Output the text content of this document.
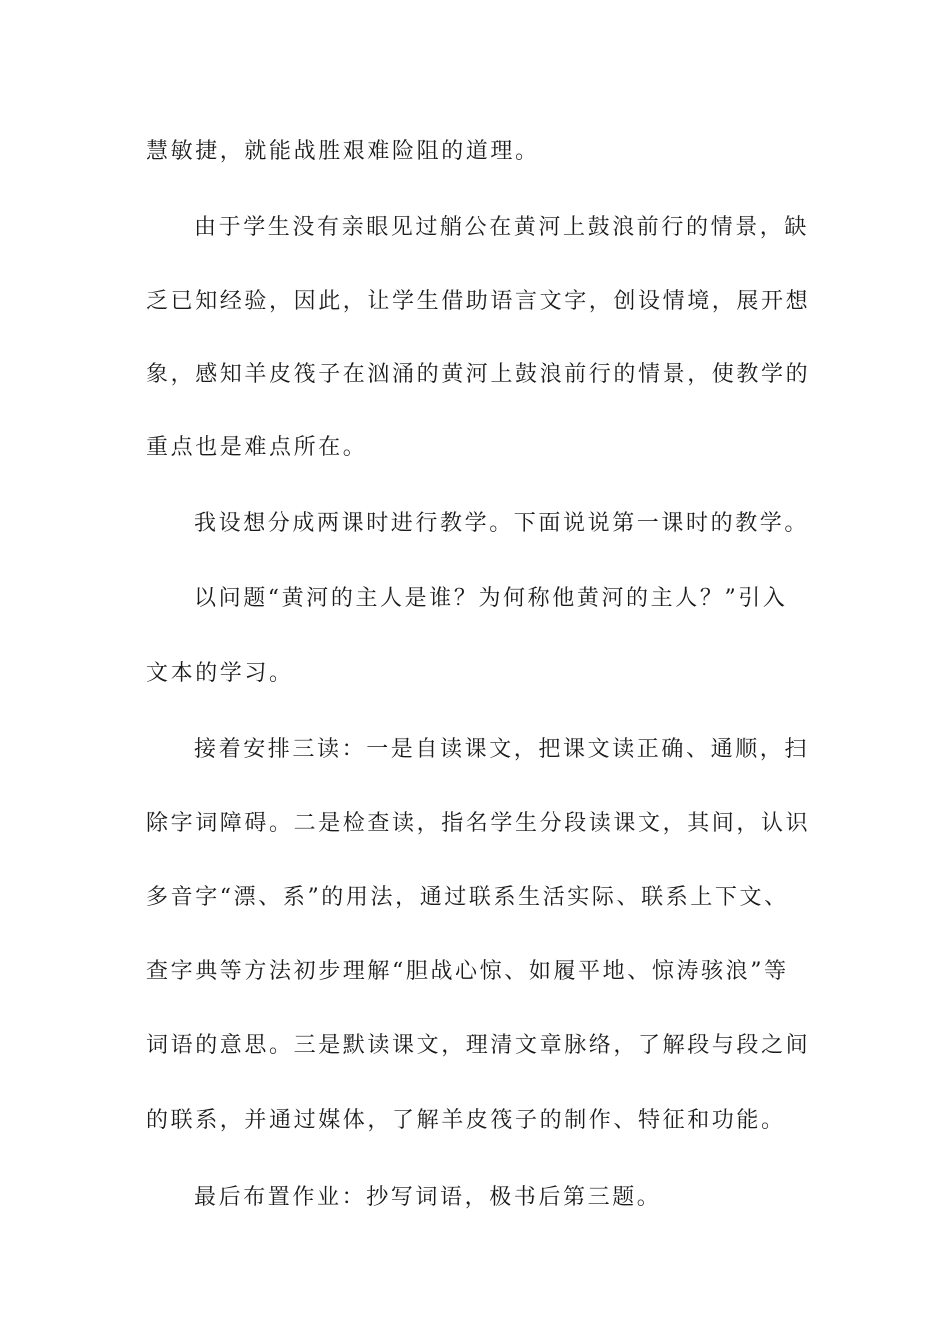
慧敏捷，就能战胜艰难险阻的道理。
由于学生没有亲眼见过艄公在黄河上鼓浪前行的情景，缺
乏已知经验，因此，让学生借助语言文字，创设情境，展开想
象，感知羊皮筏子在汹涌的黄河上鼓浪前行的情景，使教学的
重点也是难点所在。
我设想分成两课时进行教学。下面说说第一课时的教学。
以问题“黄河的主人是谁？为何称他黄河的主人？”引入
文本的学习。
接着安排三读：一是自读课文，把课文读正确、通顺，扫
除字词障碍。二是检查读，指名学生分段读课文，其间，认识
多音字“漂、系”的用法，通过联系生活实际、联系上下文、
查字典等方法初步理解“胆战心惊、如履平地、惊涛骇浪”等
词语的意思。三是默读课文，理清文章脉络，了解段与段之间
的联系，并通过媒体，了解羊皮筏子的制作、特征和功能。
最后布置作业：抄写词语，极书后第三题。
